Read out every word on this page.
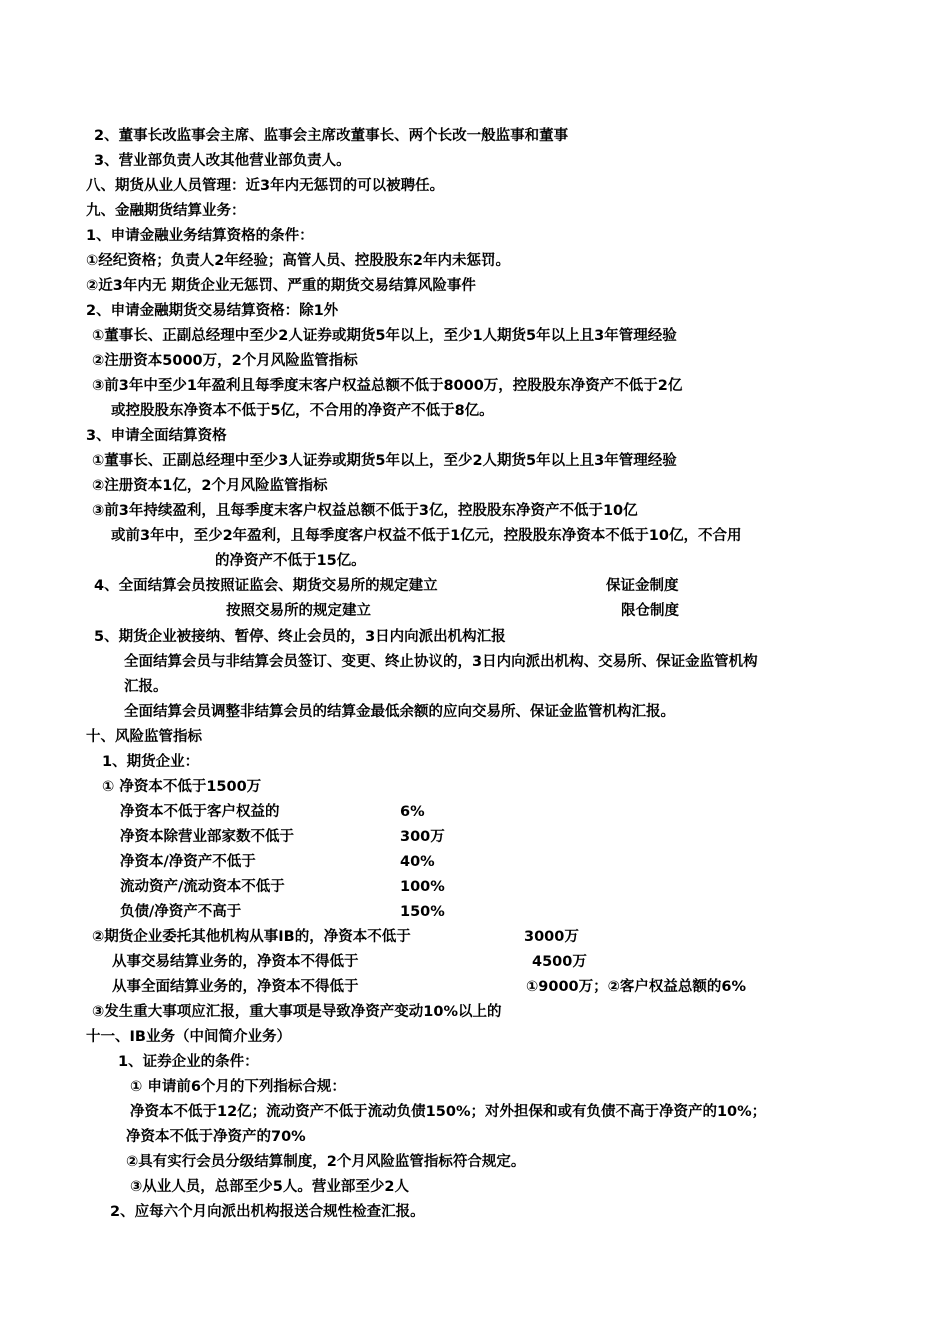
2、董事长改监事会主席、监事会主席改董事长、两个长改一般监事和董事
3、营业部负责人改其他营业部负责人。
八、期货从业人员管理：近3年内无惩罚的可以被聘任。
九、金融期货结算业务：
1、申请金融业务结算资格的条件：
①经纪资格；负责人2年经验；高管人员、控股股东2年内未惩罚。
②近3年内无 期货企业无惩罚、严重的期货交易结算风险事件
2、申请金融期货交易结算资格：除1外
①董事长、正副总经理中至少2人证券或期货5年以上，至少1人期货5年以上且3年管理经验
②注册资本5000万，2个月风险监管指标
③前3年中至少1年盈利且每季度末客户权益总额不低于8000万，控股股东净资产不低于2亿
或控股股东净资本不低于5亿，不合用的净资产不低于8亿。
3、申请全面结算资格
①董事长、正副总经理中至少3人证券或期货5年以上，至少2人期货5年以上且3年管理经验
②注册资本1亿，2个月风险监管指标
③前3年持续盈利，且每季度末客户权益总额不低于3亿，控股股东净资产不低于10亿
或前3年中，至少2年盈利，且每季度客户权益不低于1亿元，控股股东净资本不低于10亿，不合用
的净资产不低于15亿。
4、全面结算会员按照证监会、期货交易所的规定建立	保证金制度
按照交易所的规定建立	限仓制度
5、期货企业被接纳、暂停、终止会员的，3日内向派出机构汇报
全面结算会员与非结算会员签订、变更、终止协议的，3日内向派出机构、交易所、保证金监管机构
汇报。
全面结算会员调整非结算会员的结算金最低余额的应向交易所、保证金监管机构汇报。
十、风险监管指标
1、期货企业：
① 净资本不低于1500万
净资本不低于客户权益的	6%
净资本除营业部家数不低于	300万
净资本/净资产不低于	40%
流动资产/流动资本不低于	100%
负债/净资产不高于	150%
②期货企业委托其他机构从事IB的，净资本不低于	3000万
从事交易结算业务的，净资本不得低于	4500万
从事全面结算业务的，净资本不得低于	①9000万；②客户权益总额的6%
③发生重大事项应汇报，重大事项是导致净资产变动10%以上的
十一、IB业务（中间简介业务）
1、证券企业的条件：
① 申请前6个月的下列指标合规：
净资本不低于12亿；流动资产不低于流动负债150%；对外担保和或有负债不高于净资产的10%；
净资本不低于净资产的70%
②具有实行会员分级结算制度，2个月风险监管指标符合规定。
③从业人员，总部至少5人。营业部至少2人
2、应每六个月向派出机构报送合规性检查汇报。
